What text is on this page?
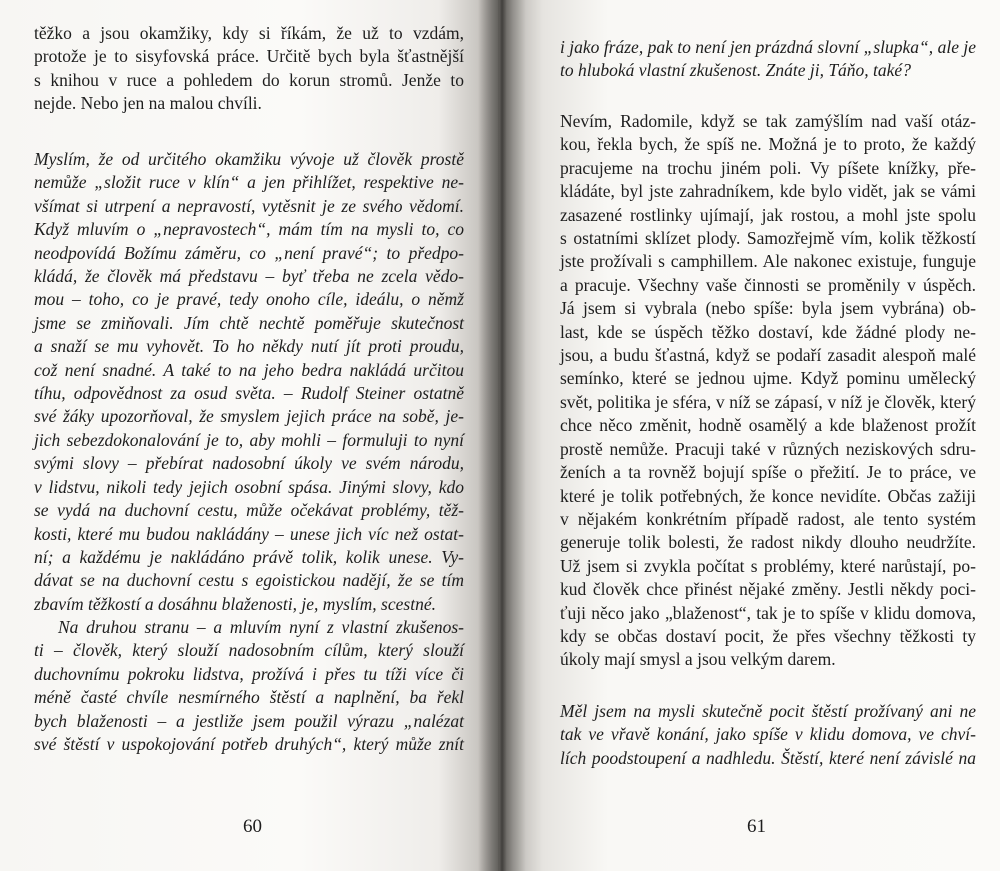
těžko a jsou okamžiky, kdy si říkám, že už to vzdám,
protože je to sisyfovská práce. Určitě bych byla šťastnější
s knihou v ruce a pohledem do korun stromů. Jenže to
nejde. Nebo jen na malou chvíli.
Myslím, že od určitého okamžiku vývoje už člověk prostě
nemůže „složit ruce v klín“ a jen přihlížet, respektive ne-
všímat si utrpení a nepravostí, vytěsnit je ze svého vědomí.
Když mluvím o „nepravostech“, mám tím na mysli to, co
neodpovídá Božímu záměru, co „není pravé“; to předpo-
kládá, že člověk má představu – byť třeba ne zcela vědo-
mou – toho, co je pravé, tedy onoho cíle, ideálu, o němž
jsme se zmiňovali. Jím chtě nechtě poměřuje skutečnost
a snaží se mu vyhovět. To ho někdy nutí jít proti proudu,
což není snadné. A také to na jeho bedra nakládá určitou
tíhu, odpovědnost za osud světa. – Rudolf Steiner ostatně
své žáky upozorňoval, že smyslem jejich práce na sobě, je-
jich sebezdokonalování je to, aby mohli – formuluji to nyní
svými slovy – přebírat nadosobní úkoly ve svém národu,
v lidstvu, nikoli tedy jejich osobní spása. Jinými slovy, kdo
se vydá na duchovní cestu, může očekávat problémy, těž-
kosti, které mu budou nakládány – unese jich víc než ostat-
ní; a každému je nakládáno právě tolik, kolik unese. Vy-
dávat se na duchovní cestu s egoistickou nadějí, že se tím
zbavím těžkostí a dosáhnu blaženosti, je, myslím, scestné.
Na druhou stranu – a mluvím nyní z vlastní zkušenos-
ti – člověk, který slouží nadosobním cílům, který slouží
duchovnímu pokroku lidstva, prožívá i přes tu tíži více či
méně časté chvíle nesmírného štěstí a naplnění, ba řekl
bych blaženosti – a jestliže jsem použil výrazu „nalézat
své štěstí v uspokojování potřeb druhých“, který může znít
60
i jako fráze, pak to není jen prázdná slovní „slupka“, ale je
to hluboká vlastní zkušenost. Znáte ji, Táňo, také?
Nevím, Radomile, když se tak zamýšlím nad vaší otáz-
kou, řekla bych, že spíš ne. Možná je to proto, že každý
pracujeme na trochu jiném poli. Vy píšete knížky, pře-
kládáte, byl jste zahradníkem, kde bylo vidět, jak se vámi
zasazené rostlinky ujímají, jak rostou, a mohl jste spolu
s ostatními sklízet plody. Samozřejmě vím, kolik těžkostí
jste prožívali s camphillem. Ale nakonec existuje, funguje
a pracuje. Všechny vaše činnosti se proměnily v úspěch.
Já jsem si vybrala (nebo spíše: byla jsem vybrána) ob-
last, kde se úspěch těžko dostaví, kde žádné plody ne-
jsou, a budu šťastná, když se podaří zasadit alespoň malé
semínko, které se jednou ujme. Když pominu umělecký
svět, politika je sféra, v níž se zápasí, v níž je člověk, který
chce něco změnit, hodně osamělý a kde blaženost prožít
prostě nemůže. Pracuji také v různých neziskových sdru-
ženích a ta rovněž bojují spíše o přežití. Je to práce, ve
které je tolik potřebných, že konce nevidíte. Občas zažiji
v nějakém konkrétním případě radost, ale tento systém
generuje tolik bolesti, že radost nikdy dlouho neudržíte.
Už jsem si zvykla počítat s problémy, které narůstají, po-
kud člověk chce přinést nějaké změny. Jestli někdy poci-
ťuji něco jako „blaženost“, tak je to spíše v klidu domova,
kdy se občas dostaví pocit, že přes všechny těžkosti ty
úkoly mají smysl a jsou velkým darem.
Měl jsem na mysli skutečně pocit štěstí prožívaný ani ne
tak ve vřavě konání, jako spíše v klidu domova, ve chví-
lích poodstoupení a nadhledu. Štěstí, které není závislé na
61
